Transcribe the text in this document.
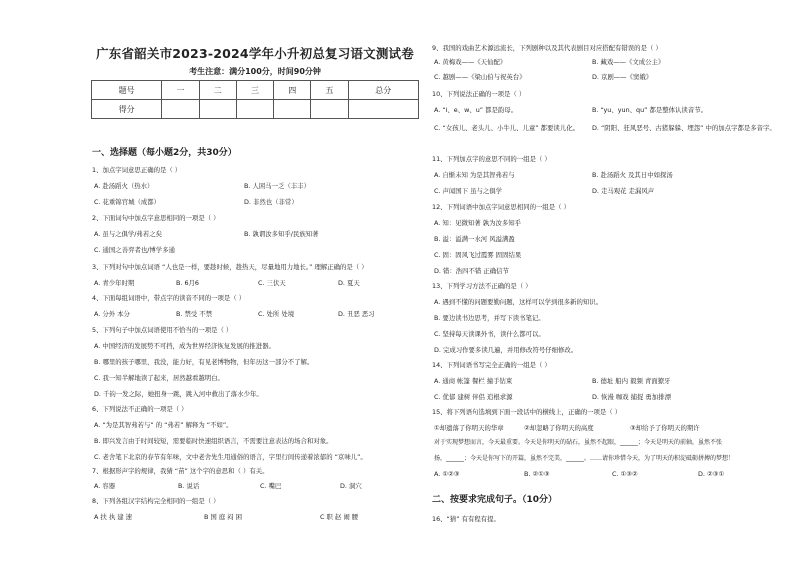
广东省韶关市2023-2024学年小升初总复习语文测试卷
考生注意：满分100分，时间90分钟
题号	一	二	三	四	五	总分
得分						
一、选择题（每小题2分，共30分）
1、加点字词意思正确的是（ ）
A. 赴汤蹈火（热水）	B. 人困马一乏（丰丰）
C. 花重锦官城（成都）	D. 非然也（非常）
2、下面词句中加点字意思相同的一项是（ ）
A. 虽与之俱学/弗若之矣	B. 孰谓汝多知乎/民族知著
C. 通国之善弈者也/博学多通
3、下列对句中加点词语 “人也是一样，要趁时候，趁热天，尽量地用力地长。” 理解正确的是（ ）
A. 青少年时期	B. 6月6	C. 三伏天	D. 夏天
4、下面每组词语中，带点字的读音不同的一项是（ ）
A. 分外 本分	B. 禁受 不禁	C. 处所 处境	D. 丑恶 恶习
5、下列句子中加点词语使用不恰当的一项是（ ）
A. 中国经济的发展势不可挡，成为世界经济恢复发展的推进器。
B. 哪里的孩子哪里，我没，能力好，有见老博物物，但年历这一部分不了解。
C. 我一知半解地读了起来，居然越看越明白。
D. 千钧一发之际，她扭身一跳，跳入河中救出了落水少年。
6、下列说法不正确的一项是（ ）
A. “为是其智弗若与” 的 “弗若” 解释为 “不如”。
B. 即兴发言由于时间较短，需要临时快速组织语言，不需要注意表达的场合和对象。
C. 老舍笔下北京的春节有年味，文中老舍先生用通俗的语言，字里行间传递着浓郁的 “京味儿”。
7、根据形声字的规律，我猜 “苗” 这个字的意思和（ ）有关。
A. 容器	B. 说话	C. 嘴巴	D. 洞穴
8、下列各组汉字结构完全相同的一组是（ ）
A 扶 执 建 速	B 国 庭 闷 困	C 职 赵 闹 腰
9、我国的戏曲艺术源远流长，下列剧种以及其代表剧目对应搭配有错误的是（ ）
A. 黄梅戏——《天仙配》	B. 藏戏——《文成公主》
C. 越剧——《梁山伯与祝英台》	D. 京剧——《窦娥》
10、下列说法正确的一项是（ ）
A. “i、e、w、u” 都是韵母。	B. “yu、yun、qu” 都是整体认读音节。
C. “女孩儿、老头儿、小牛儿、儿童” 都要读儿化。 D. “阴阳、狂风恶号、古猪躲躲、埋怨” 中的加点字都是多音字。
11、下列加点字的意思不同的一组是（ ）
A. 自惭未知 为是其智弗若与	B. 赴汤蹈火 及其日中如探汤
C. 声闻国下 虽与之俱学	D. 走马观花 走漏风声
12、下列词语中加点字词意思相同的一组是（ ）
A. 知：见微知著 孰为汝多知乎
B. 溢：溢满一水河 风溢满盈
C. 固：固风飞过霞雾 固固结果
D. 错：浩四不错 正确信节
13、下列学习方法不正确的是（ ）
A. 遇到不懂的问题要勤问题，这样可以学到很多新的知识。
B. 要边读书边思考，并写下读书笔记。
C. 坚持每天读课外书，读什么都可以。
D. 完成习作要多读几遍，并用修改符号仔细修改。
14、下列词语书写完全正确的一组是（ ）
A. 通商 帐篷 餐栏 撞手钻束	B. 德址 船内 毅频 青面獠牙
C. 优郁 建树 伴侣 追根求源	D. 恢漫 咖戏 捕捉 勇加排漂
15、将下列语句选填到下面一段话中的横线上，正确的一项是（ ）
①却遗落了你明天的华章	②却忽略了你明天的高度	③却给予了你明天的期许
对于实现梦想而言，今天最重要。今天是你明天的砧石，虽然不起眼，______；今天是明天的前轴，虽然不张
扬，______；今天是你写下的开篇，虽然不完美，______。……请你珍惜今天，为了明天的积淀砥砺拼搏的梦想！
A. ①②③	B. ②①③	C. ①③②	D. ②③①
二、按要求完成句子。（10分）
16、“猜” 有有程有提。
